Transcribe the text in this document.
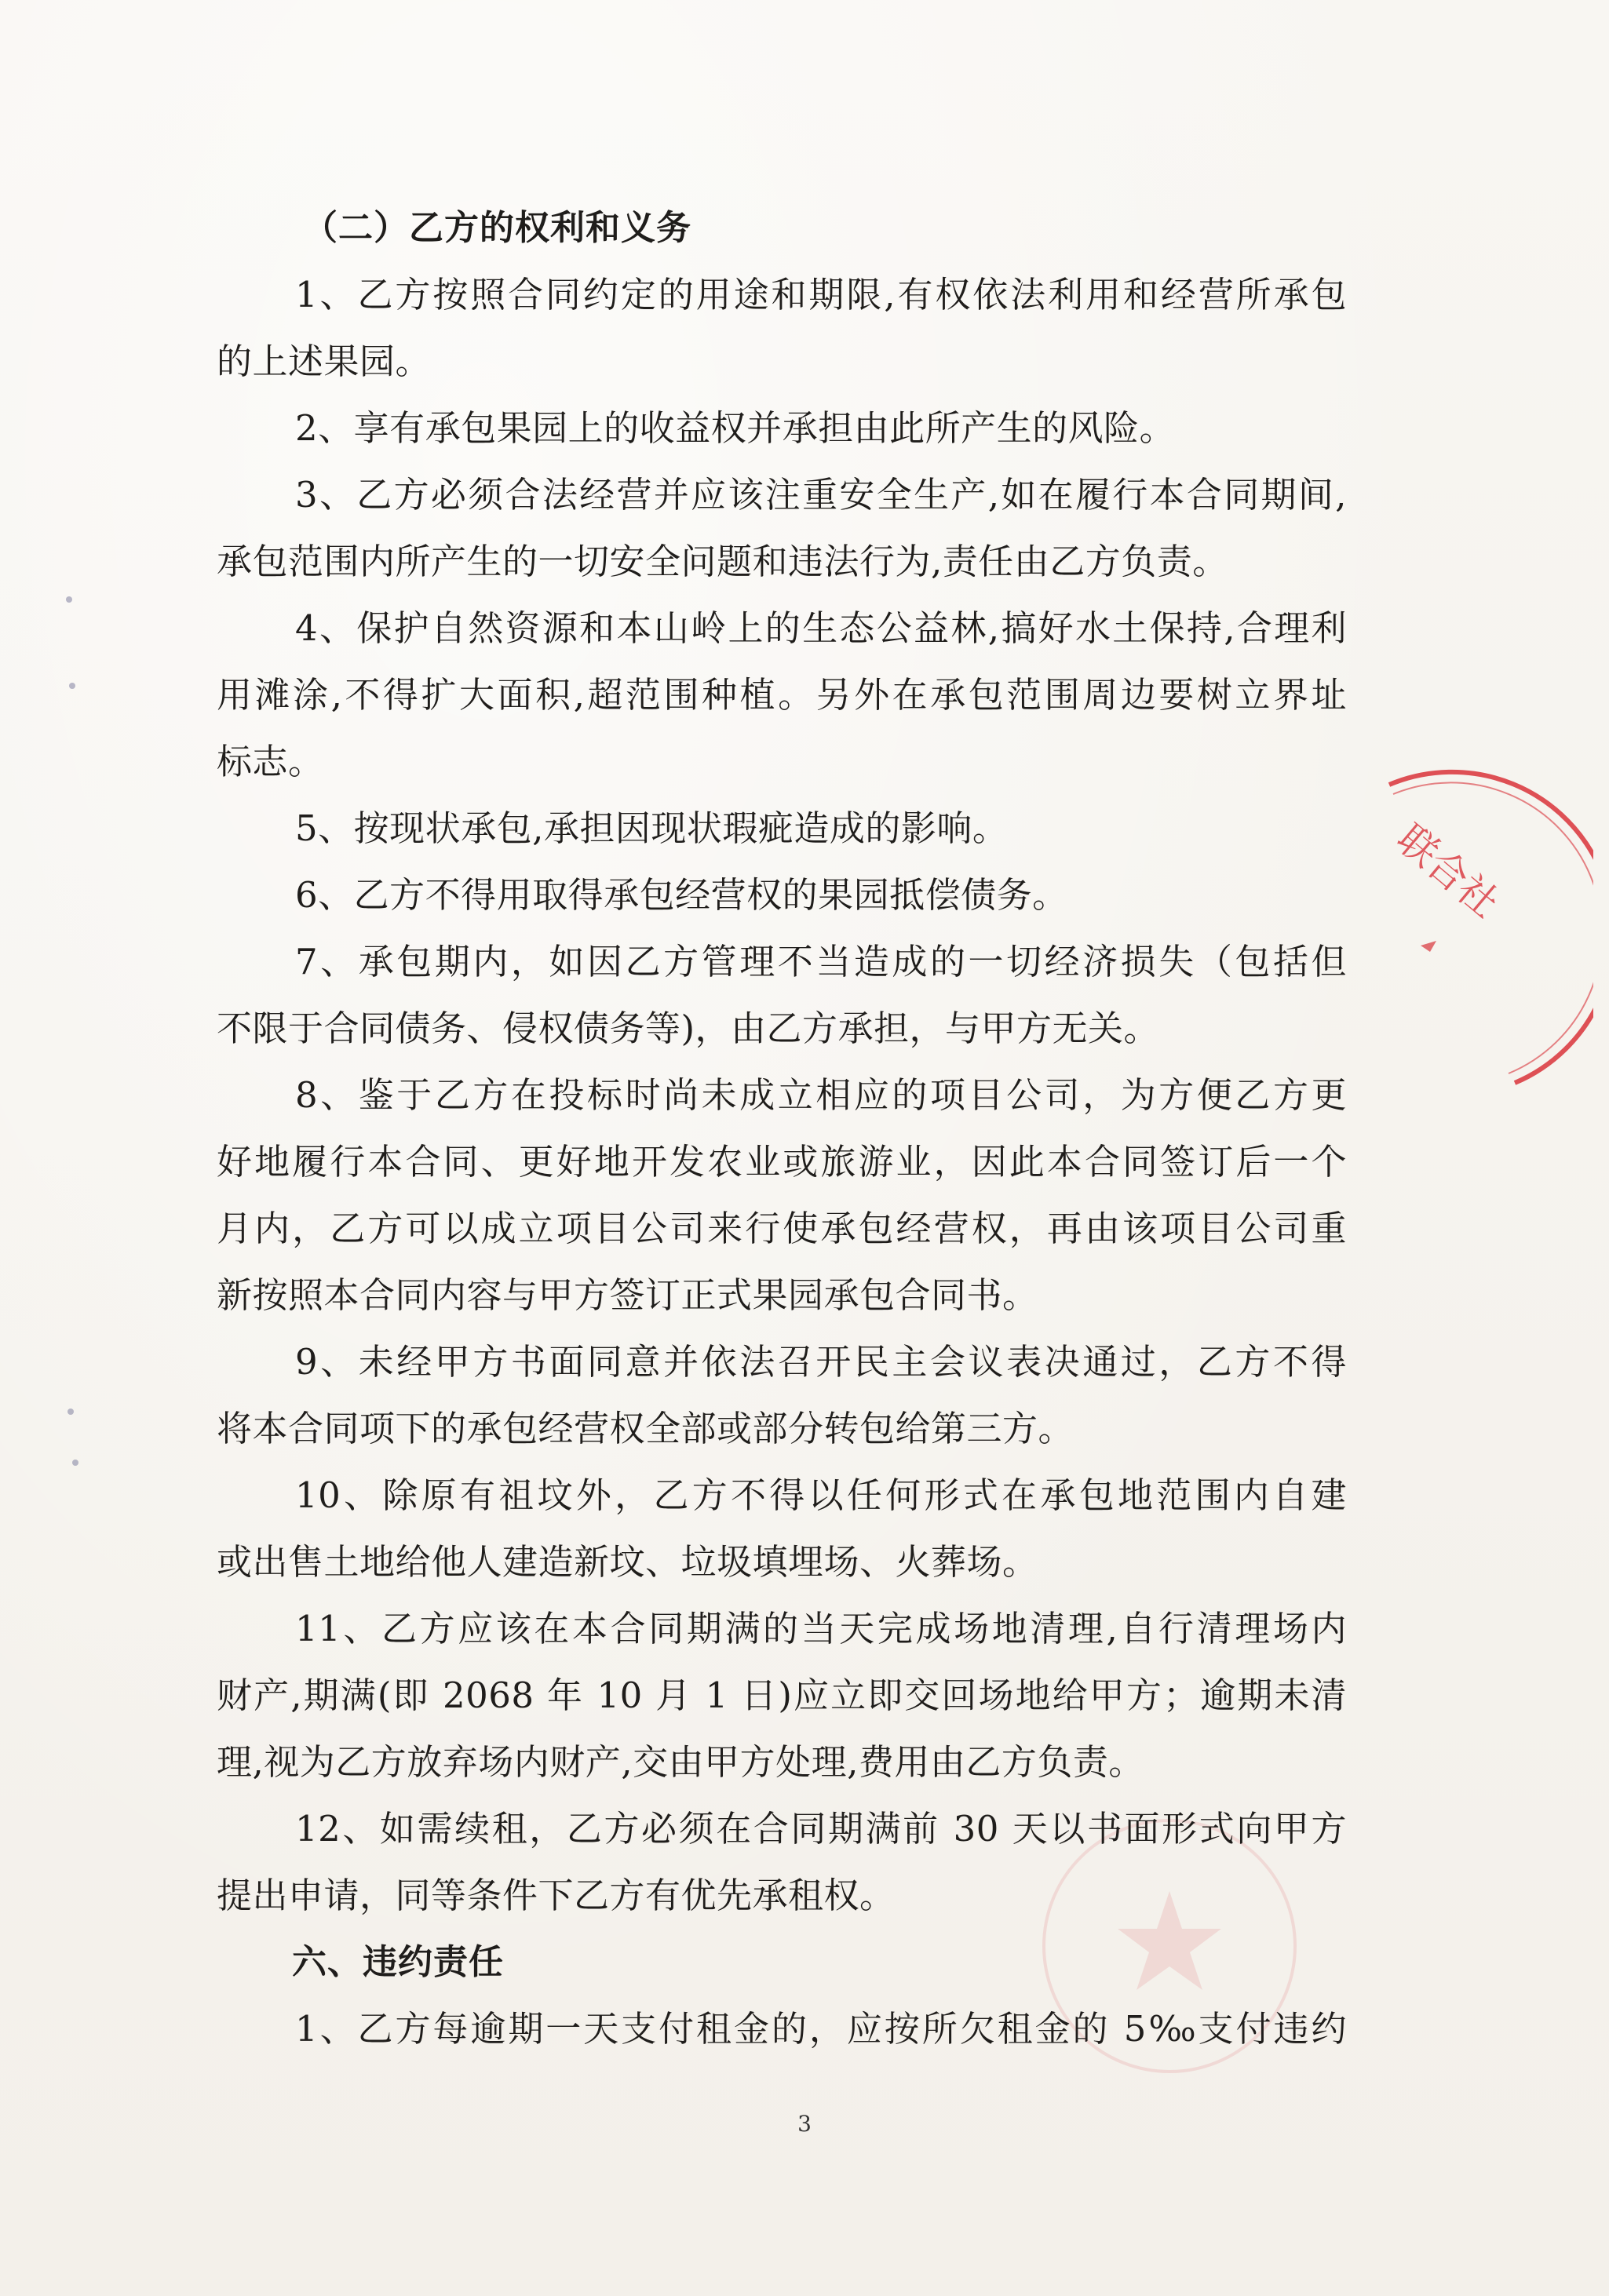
联合社
（二）乙方的权利和义务
1、乙方按照合同约定的用途和期限,有权依法利用和经营所承包
的上述果园。
2、享有承包果园上的收益权并承担由此所产生的风险。
3、乙方必须合法经营并应该注重安全生产,如在履行本合同期间,
承包范围内所产生的一切安全问题和违法行为,责任由乙方负责。
4、保护自然资源和本山岭上的生态公益林,搞好水土保持,合理利
用滩涂,不得扩大面积,超范围种植。另外在承包范围周边要树立界址
标志。
5、按现状承包,承担因现状瑕疵造成的影响。
6、乙方不得用取得承包经营权的果园抵偿债务。
7、承包期内，如因乙方管理不当造成的一切经济损失（包括但
不限于合同债务、侵权债务等)，由乙方承担，与甲方无关。
8、鉴于乙方在投标时尚未成立相应的项目公司，为方便乙方更
好地履行本合同、更好地开发农业或旅游业，因此本合同签订后一个
月内，乙方可以成立项目公司来行使承包经营权，再由该项目公司重
新按照本合同内容与甲方签订正式果园承包合同书。
9、未经甲方书面同意并依法召开民主会议表决通过，乙方不得
将本合同项下的承包经营权全部或部分转包给第三方。
10、除原有祖坟外，乙方不得以任何形式在承包地范围内自建
或出售土地给他人建造新坟、垃圾填埋场、火葬场。
11、乙方应该在本合同期满的当天完成场地清理,自行清理场内
财产,期满(即 2068 年 10 月 1 日)应立即交回场地给甲方；逾期未清
理,视为乙方放弃场内财产,交由甲方处理,费用由乙方负责。
12、如需续租，乙方必须在合同期满前 30 天以书面形式向甲方
提出申请，同等条件下乙方有优先承租权。
六、违约责任
1、乙方每逾期一天支付租金的，应按所欠租金的 5‰支付违约
3
